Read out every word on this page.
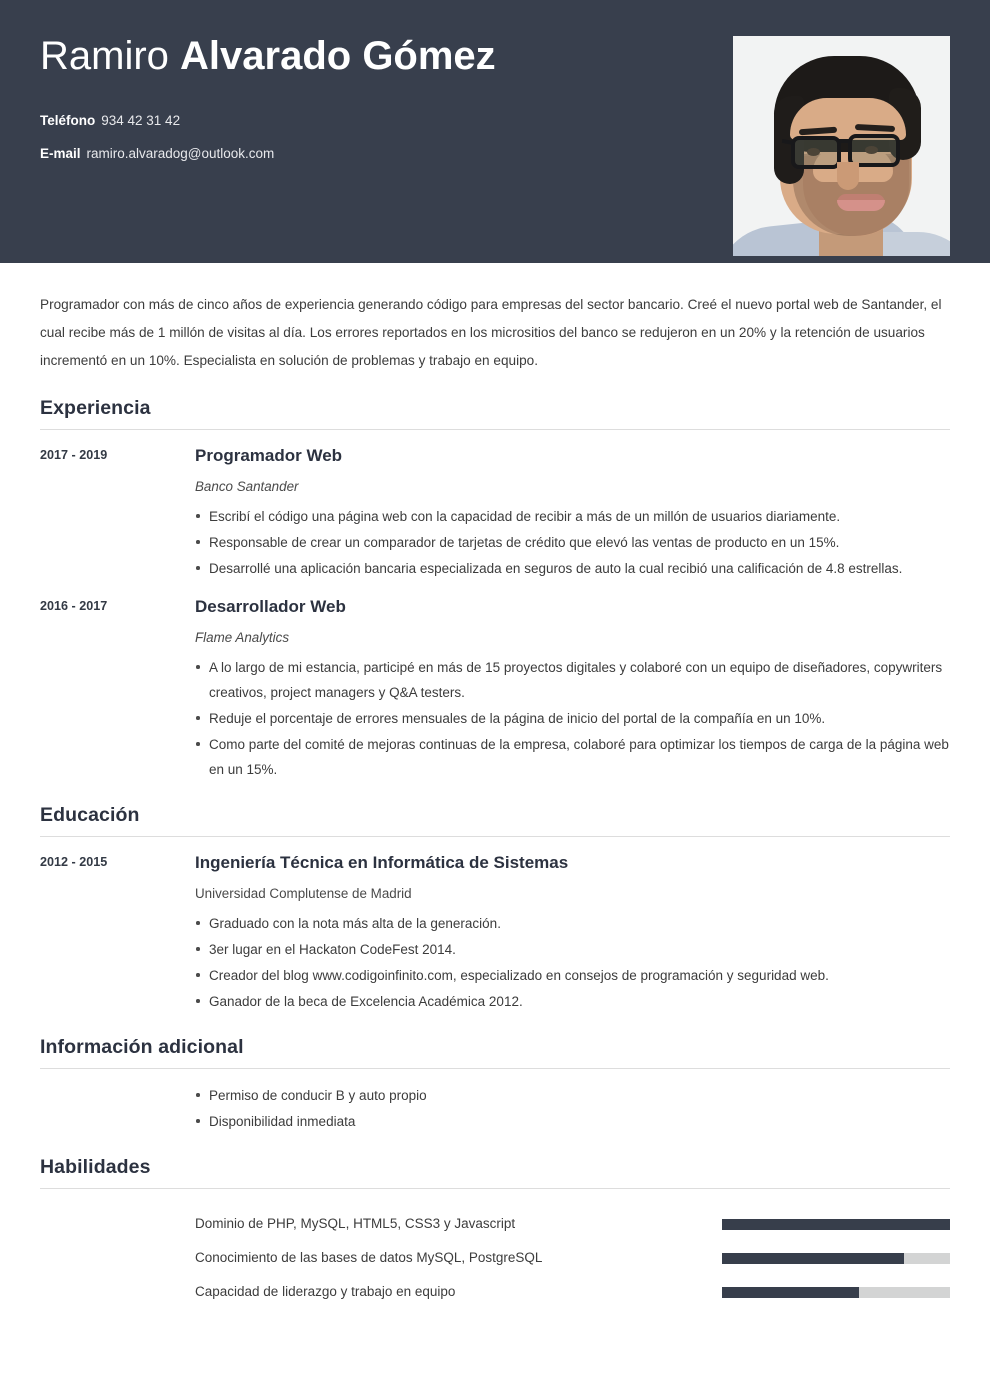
Ramiro Alvarado Gómez
Teléfono 934 42 31 42
E-mail ramiro.alvaradog@outlook.com
Programador con más de cinco años de experiencia generando código para empresas del sector bancario. Creé el nuevo portal web de Santander, el cual recibe más de 1 millón de visitas al día. Los errores reportados en los micrositios del banco se redujeron en un 20% y la retención de usuarios incrementó en un 10%. Especialista en solución de problemas y trabajo en equipo.
Experiencia
2017 - 2019	Programador Web
Banco Santander
Escribí el código una página web con la capacidad de recibir a más de un millón de usuarios diariamente.
Responsable de crear un comparador de tarjetas de crédito que elevó las ventas de producto en un 15%.
Desarrollé una aplicación bancaria especializada en seguros de auto la cual recibió una calificación de 4.8 estrellas.
2016 - 2017	Desarrollador Web
Flame Analytics
A lo largo de mi estancia, participé en más de 15 proyectos digitales y colaboré con un equipo de diseñadores, copywriters creativos, project managers y Q&A testers.
Reduje el porcentaje de errores mensuales de la página de inicio del portal de la compañía en un 10%.
Como parte del comité de mejoras continuas de la empresa, colaboré para optimizar los tiempos de carga de la página web en un 15%.
Educación
2012 - 2015	Ingeniería Técnica en Informática de Sistemas
Universidad Complutense de Madrid
Graduado con la nota más alta de la generación.
3er lugar en el Hackaton CodeFest 2014.
Creador del blog www.codigoinfinito.com, especializado en consejos de programación y seguridad web.
Ganador de la beca de Excelencia Académica 2012.
Información adicional
Permiso de conducir B y auto propio
Disponibilidad inmediata
Habilidades
Dominio de PHP, MySQL, HTML5, CSS3 y Javascript
Conocimiento de las bases de datos MySQL, PostgreSQL
Capacidad de liderazgo y trabajo en equipo
